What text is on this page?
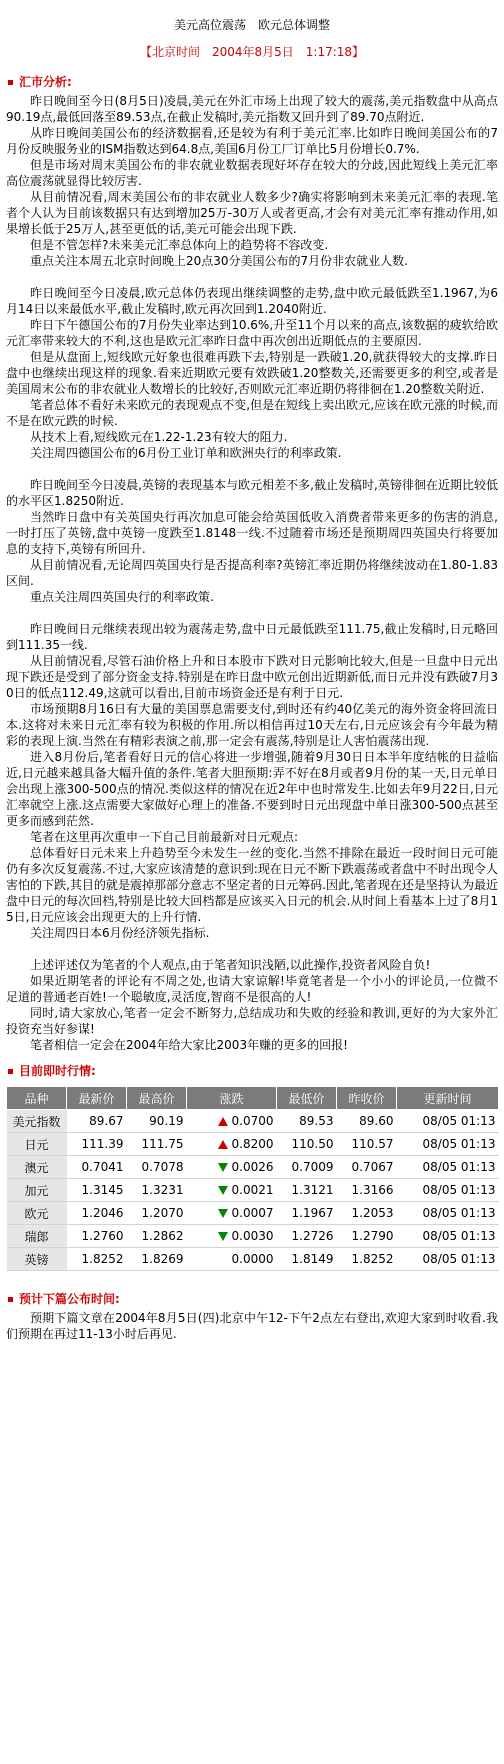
美元高位震荡　欧元总体调整
【北京时间　2004年8月5日　1:17:18】
汇市分析:

昨日晚间至今日(8月5日)凌晨,美元在外汇市场上出现了较大的震荡,美元指数盘中从高点90.19点,最低回落至89.53点,在截止发稿时,美元指数又回升到了89.70点附近.

从昨日晚间美国公布的经济数据看,还是较为有利于美元汇率.比如昨日晚间美国公布的7月份反映服务业的ISM指数达到64.8点,美国6月份工厂订单比5月份增长0.7%.

但是市场对周末美国公布的非农就业数据表现好坏存在较大的分歧,因此短线上美元汇率高位震荡就显得比较厉害.

从目前情况看,周末美国公布的非农就业人数多少?确实将影响到未来美元汇率的表现.笔者个人认为目前该数据只有达到增加25万-30万人或者更高,才会有对美元汇率有推动作用,如果增长低于25万人,甚至更低的话,美元可能会出现下跌.

但是不管怎样?未来美元汇率总体向上的趋势将不容改变.

重点关注本周五北京时间晚上20点30分美国公布的7月份非农就业人数.

昨日晚间至今日凌晨,欧元总体仍表现出继续调整的走势,盘中欧元最低跌至1.1967,为6月14日以来最低水平,截止发稿时,欧元再次回到1.2040附近.

昨日下午德国公布的7月份失业率达到10.6%,升至11个月以来的高点,该数据的疲软给欧元汇率带来较大的不利,这也是欧元汇率昨日盘中再次创出近期低点的主要原因.

但是从盘面上,短线欧元好象也很难再跌下去,特别是一跌破1.20,就获得较大的支撑.昨日盘中也继续出现这样的现象.看来近期欧元要有效跌破1.20整数关,还需要更多的利空,或者是美国周末公布的非农就业人数增长的比较好,否则欧元汇率近期仍将徘徊在1.20整数关附近.

笔者总体不看好未来欧元的表现观点不变,但是在短线上卖出欧元,应该在欧元涨的时候,而不是在欧元跌的时候.

从技术上看,短线欧元在1.22-1.23有较大的阻力.

关注周四德国公布的6月份工业订单和欧洲央行的利率政策.

昨日晚间至今日凌晨,英镑的表现基本与欧元相差不多,截止发稿时,英镑徘徊在近期比较低的水平区1.8250附近.

当然昨日盘中有关英国央行再次加息可能会给英国低收入消费者带来更多的伤害的消息,一时打压了英镑,盘中英镑一度跌至1.8148一线.不过随着市场还是预期周四英国央行将要加息的支持下,英镑有所回升.

从目前情况看,无论周四英国央行是否提高利率?英镑汇率近期仍将继续波动在1.80-1.83区间.

重点关注周四英国央行的利率政策.

昨日晚间日元继续表现出较为震荡走势,盘中日元最低跌至111.75,截止发稿时,日元略回到111.35一线.

从目前情况看,尽管石油价格上升和日本股市下跌对日元影响比较大,但是一旦盘中日元出现下跌还是受到了部分资金支持.特别是在昨日盘中欧元创出近期新低,而日元并没有跌破7月30日的低点112.49,这就可以看出,目前市场资金还是有利于日元.

市场预期8月16日有大量的美国票息需要支付,到时还有约40亿美元的海外资金将回流日本.这将对未来日元汇率有较为积极的作用.所以相信再过10天左右,日元应该会有今年最为精彩的表现上演.当然在有精彩表演之前,那一定会有震荡,特别是让人害怕震荡出现.

进入8月份后,笔者看好日元的信心将进一步增强,随着9月30日日本半年度结帐的日益临近,日元越来越具备大幅升值的条件.笔者大胆预期:弄不好在8月或者9月份的某一天,日元单日会出现上涨300-500点的情况.类似这样的情况在近2年中也时常发生.比如去年9月22日,日元汇率就空上涨.这点需要大家做好心理上的准备.不要到时日元出现盘中单日涨300-500点甚至更多而感到茫然.

笔者在这里再次重申一下自己目前最新对日元观点:

总体看好日元未来上升趋势至今未发生一丝的变化.当然不排除在最近一段时间日元可能仍有多次反复震荡.不过,大家应该清楚的意识到:现在日元不断下跌震荡或者盘中不时出现令人害怕的下跌,其目的就是震掉那部分意志不坚定者的日元筹码.因此,笔者现在还是坚持认为最近盘中日元的每次回档,特别是比较大回档都是应该买入日元的机会.从时间上看基本上过了8月15日,日元应该会出现更大的上升行情.

关注周四日本6月份经济领先指标.

上述评述仅为笔者的个人观点,由于笔者知识浅陋,以此操作,投资者风险自负!

如果近期笔者的评论有不周之处,也请大家谅解!毕竟笔者是一个小小的评论员,一位微不足道的普通老百姓!一个聪敏度,灵活度,智商不是很高的人!

同时,请大家放心,笔者一定会不断努力,总结成功和失败的经验和教训,更好的为大家外汇投资充当好参谋!

笔者相信一定会在2004年给大家比2003年赚的更多的回报!

目前即时行情:
品种	最新价	最高价	涨跌	最低价	昨收价	更新时间
美元指数	89.67	90.19	0.0700	89.53	89.60	08/05 01:13
日元	111.39	111.75	0.8200	110.50	110.57	08/05 01:13
澳元	0.7041	0.7078	0.0026	0.7009	0.7067	08/05 01:13
加元	1.3145	1.3231	0.0021	1.3121	1.3166	08/05 01:13
欧元	1.2046	1.2070	0.0007	1.1967	1.2053	08/05 01:13
瑞郎	1.2760	1.2862	0.0030	1.2726	1.2790	08/05 01:13
英镑	1.8252	1.8269	0.0000	1.8149	1.8252	08/05 01:13
预计下篇公布时间:

预期下篇文章在2004年8月5日(四)北京中午12-下午2点左右登出,欢迎大家到时收看.我们预期在再过11-13小时后再见.
